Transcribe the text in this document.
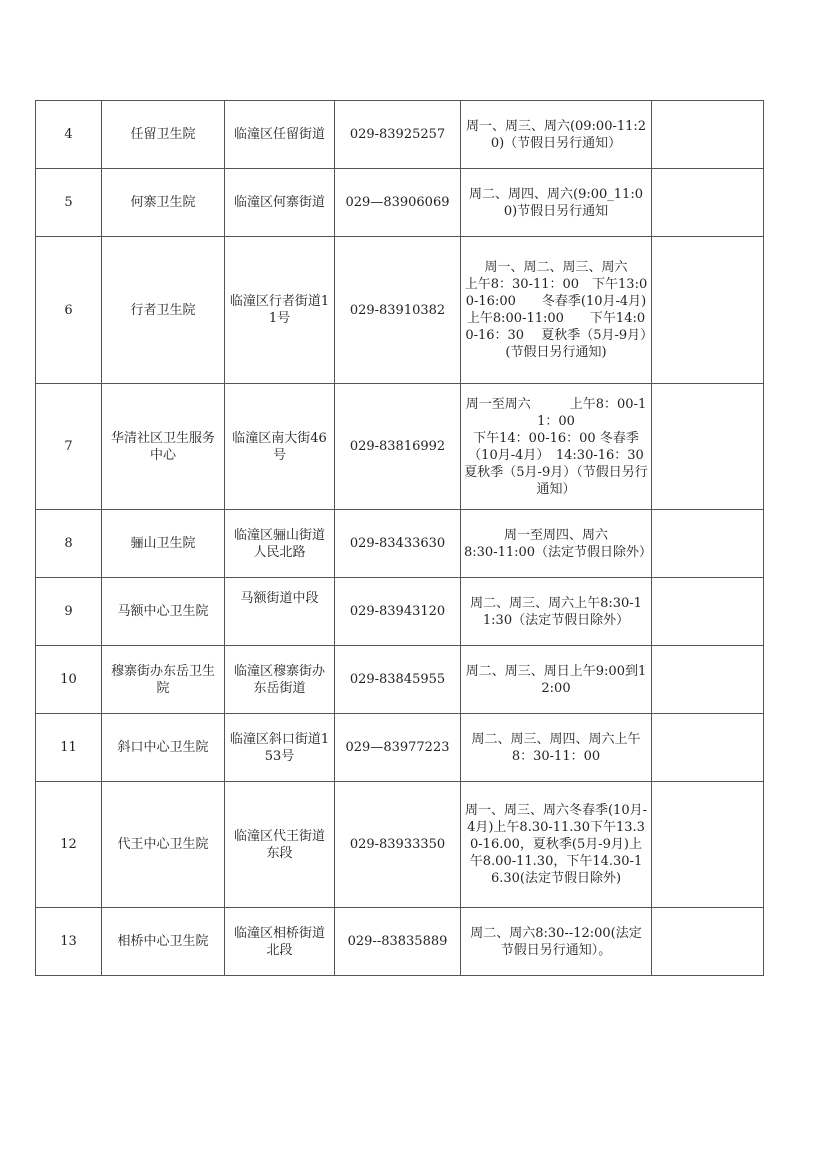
4	任留卫生院	临潼区任留街道	029-83925257	周一、周三、周六(09:00-11:20)（节假日另行通知）	
5	何寨卫生院	临潼区何寨街道	029—83906069	周二、周四、周六(9:00_11:00)节假日另行通知	
6	行者卫生院	临潼区行者街道11号	029-83910382	周一、周二、周三、周六
上午8：30-11：00　下午13:00-16:00　　冬春季(10月-4月)
上午8:00-11:00　　下午14:00-16：30　 夏秋季（5月-9月）(节假日另行通知)	
7	华清社区卫生服务中心	临潼区南大街46号	029-83816992	周一至周六　　　上午8：00-11：00
下午14：00-16：00 冬春季（10月-4月）　14:30-16：30 夏秋季（5月-9月）（节假日另行通知）	
8	骊山卫生院	临潼区骊山街道人民北路	029-83433630	周一至周四、周六
8:30-11:00（法定节假日除外）	
9	马额中心卫生院	马额街道中段	029-83943120	周二、周三、周六上午8:30-11:30（法定节假日除外）	
10	穆寨街办东岳卫生院	临潼区穆寨街办东岳街道	029-83845955	周二、周三、周日上午9:00到12:00	
11	斜口中心卫生院	临潼区斜口街道153号	029—83977223	周二、周三、周四、周六上午8：30-11：00	
12	代王中心卫生院	临潼区代王街道东段	029-83933350	周一、周三、周六冬春季(10月-4月)上午8.30-11.30下午13.30-16.00，夏秋季(5月-9月)上午8.00-11.30，下午14.30-16.30(法定节假日除外)	
13	相桥中心卫生院	临潼区相桥街道北段	029--83835889	周二、周六8:30--12:00(法定节假日另行通知）。	
